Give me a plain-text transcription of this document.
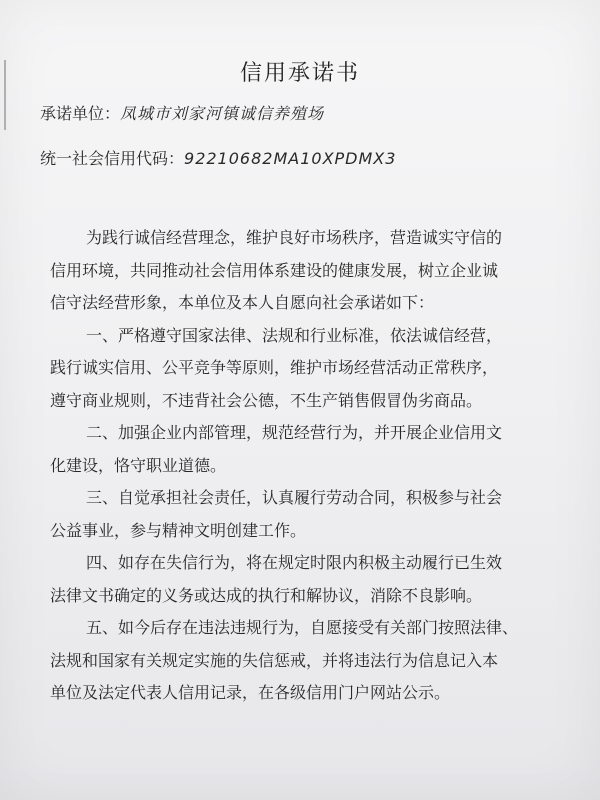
信用承诺书
承诺单位：凤城市刘家河镇诚信养殖场
统一社会信用代码：92210682MA10XPDMX3
为践行诚信经营理念，维护良好市场秩序，营造诚实守信的
信用环境，共同推动社会信用体系建设的健康发展，树立企业诚
信守法经营形象，本单位及本人自愿向社会承诺如下：
一、严格遵守国家法律、法规和行业标准，依法诚信经营，
践行诚实信用、公平竞争等原则，维护市场经营活动正常秩序，
遵守商业规则，不违背社会公德，不生产销售假冒伪劣商品。
二、加强企业内部管理，规范经营行为，并开展企业信用文
化建设，恪守职业道德。
三、自觉承担社会责任，认真履行劳动合同，积极参与社会
公益事业，参与精神文明创建工作。
四、如存在失信行为，将在规定时限内积极主动履行已生效
法律文书确定的义务或达成的执行和解协议，消除不良影响。
五、如今后存在违法违规行为，自愿接受有关部门按照法律、
法规和国家有关规定实施的失信惩戒，并将违法行为信息记入本
单位及法定代表人信用记录，在各级信用门户网站公示。
